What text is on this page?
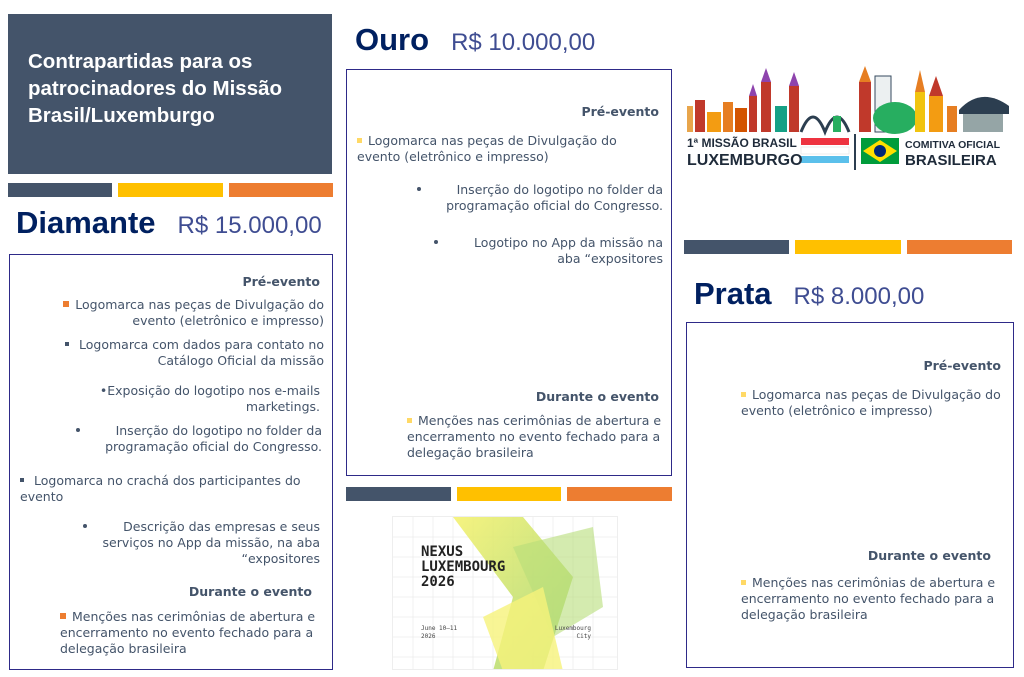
Contrapartidas para os patrocinadores do Missão Brasil/Luxemburgo
Diamante R$ 15.000,00
Pré-evento
Logomarca nas peças de Divulgação do evento (eletrônico e impresso)
Logomarca com dados para contato no Catálogo Oficial da missão
•Exposição do logotipo nos e-mails marketings.
Inserção do logotipo no folder da programação oficial do Congresso.
Logomarca no crachá dos participantes do evento
Descrição das empresas e seus serviços no App da missão, na aba “expositores
Durante o evento
Menções nas cerimônias de abertura e encerramento no evento fechado para a delegação brasileira
Ouro R$ 10.000,00
Pré-evento
Logomarca nas peças de Divulgação do evento (eletrônico e impresso)
Inserção do logotipo no folder da programação oficial do Congresso.
Logotipo no App da missão na aba “expositores
Durante o evento
Menções nas cerimônias de abertura e encerramento no evento fechado para a delegação brasileira
Prata R$ 8.000,00
Pré-evento
Logomarca nas peças de Divulgação do evento (eletrônico e impresso)
Durante o evento
Menções nas cerimônias de abertura e encerramento no evento fechado para a delegação brasileira
1ª MISSÃO BRASIL
LUXEMBURGO
COMITIVA OFICIAL
BRASILEIRA
NEXUS
LUXEMBOURG
2026
June 10—11
2026
Luxembourg
City
